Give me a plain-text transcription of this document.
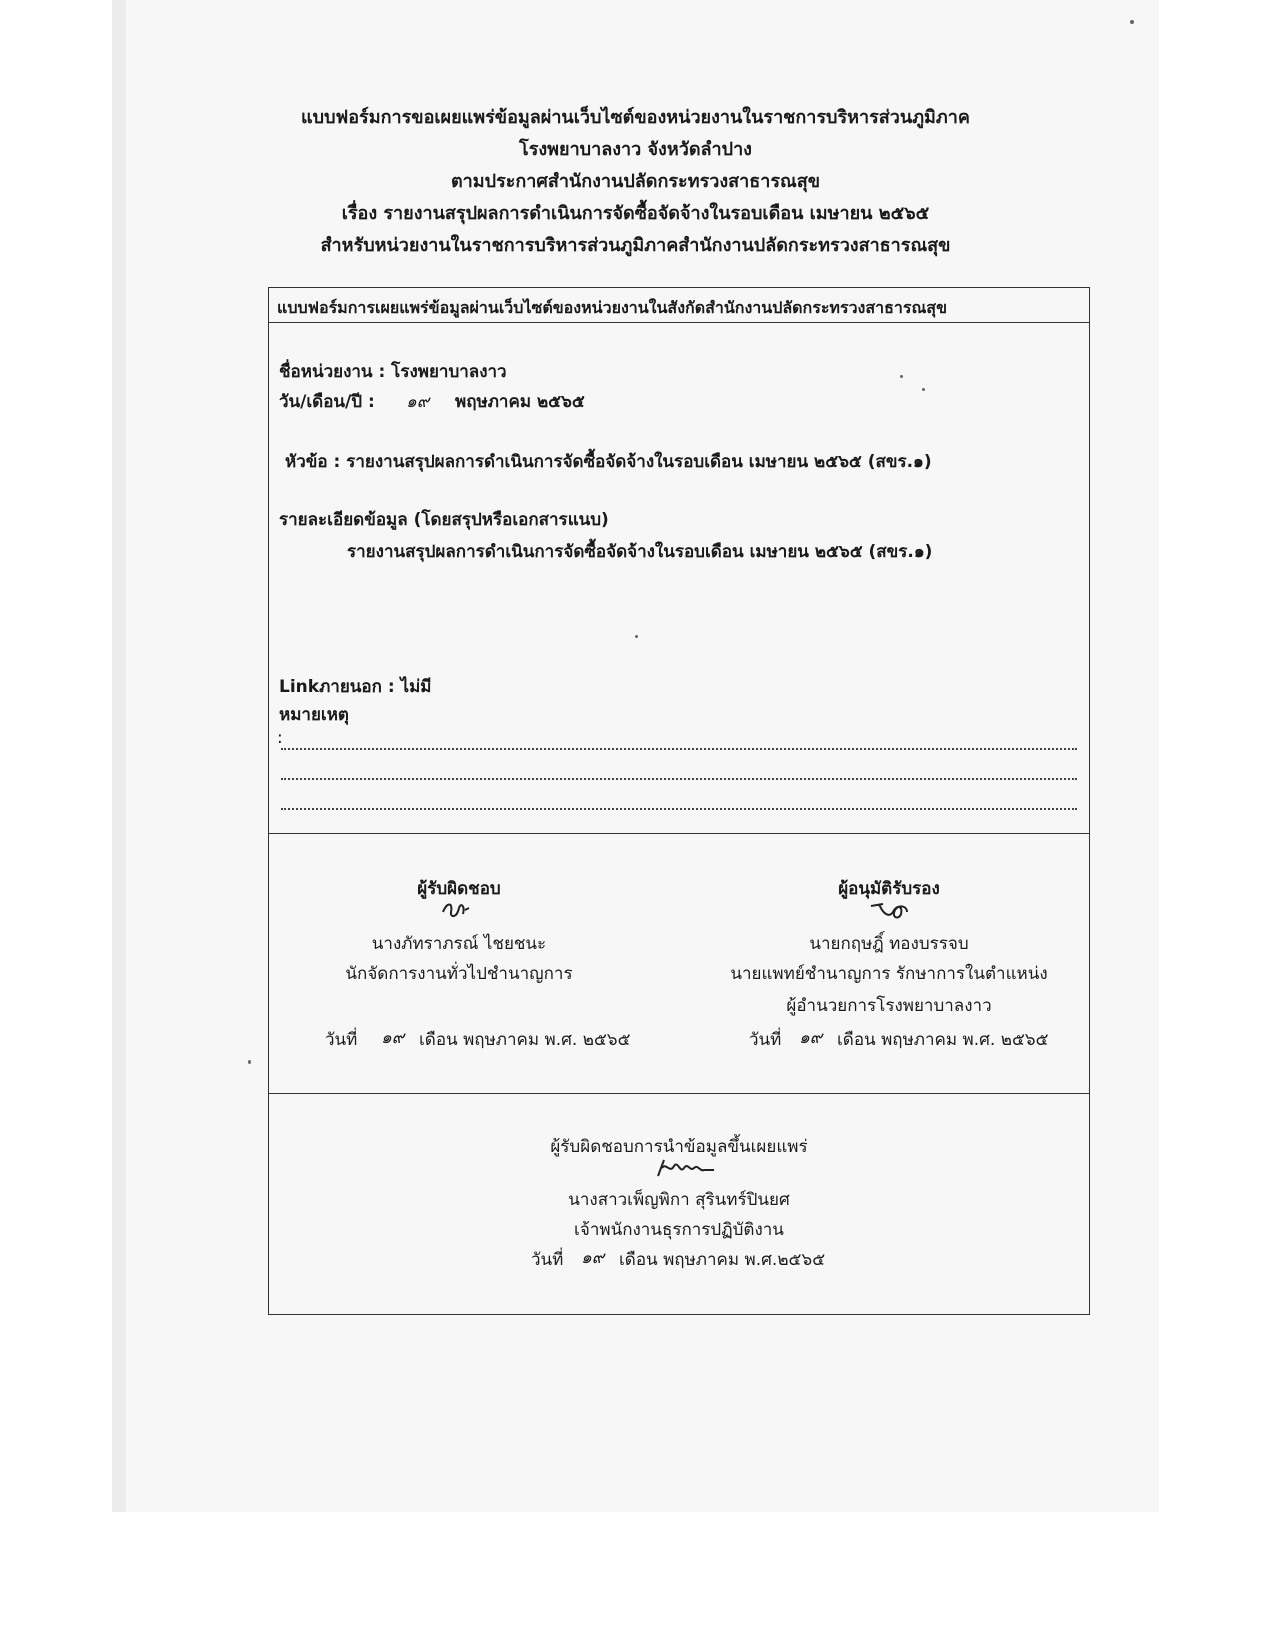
แบบฟอร์มการขอเผยแพร่ข้อมูลผ่านเว็บไซต์ของหน่วยงานในราชการบริหารส่วนภูมิภาค
โรงพยาบาลงาว จังหวัดลำปาง
ตามประกาศสำนักงานปลัดกระทรวงสาธารณสุข
เรื่อง รายงานสรุปผลการดำเนินการจัดซื้อจัดจ้างในรอบเดือน เมษายน ๒๕๖๕
สำหรับหน่วยงานในราชการบริหารส่วนภูมิภาคสำนักงานปลัดกระทรวงสาธารณสุข
แบบฟอร์มการเผยแพร่ข้อมูลผ่านเว็บไซต์ของหน่วยงานในสังกัดสำนักงานปลัดกระทรวงสาธารณสุข
ชื่อหน่วยงาน : โรงพยาบาลงาว
วัน/เดือน/ปี : ๑๙ พฤษภาคม ๒๕๖๕
หัวข้อ : รายงานสรุปผลการดำเนินการจัดซื้อจัดจ้างในรอบเดือน เมษายน ๒๕๖๕ (สขร.๑)
รายละเอียดข้อมูล (โดยสรุปหรือเอกสารแนบ)
รายงานสรุปผลการดำเนินการจัดซื้อจัดจ้างในรอบเดือน เมษายน ๒๕๖๕ (สขร.๑)
Linkภายนอก : ไม่มี
หมายเหตุ
:
ผู้รับผิดชอบ
นางภัทราภรณ์ ไชยชนะ
นักจัดการงานทั่วไปชำนาญการ
วันที่ ๑๙ เดือน พฤษภาคม พ.ศ. ๒๕๖๕
ผู้อนุมัติรับรอง
นายกฤษฎิ์ ทองบรรจบ
นายแพทย์ชำนาญการ รักษาการในตำแหน่ง
ผู้อำนวยการโรงพยาบาลงาว
วันที่ ๑๙ เดือน พฤษภาคม พ.ศ. ๒๕๖๕
ผู้รับผิดชอบการนำข้อมูลขึ้นเผยแพร่
นางสาวเพ็ญพิกา สุรินทร์ปินยศ
เจ้าพนักงานธุรการปฏิบัติงาน
วันที่ ๑๙ เดือน พฤษภาคม พ.ศ.๒๕๖๕
